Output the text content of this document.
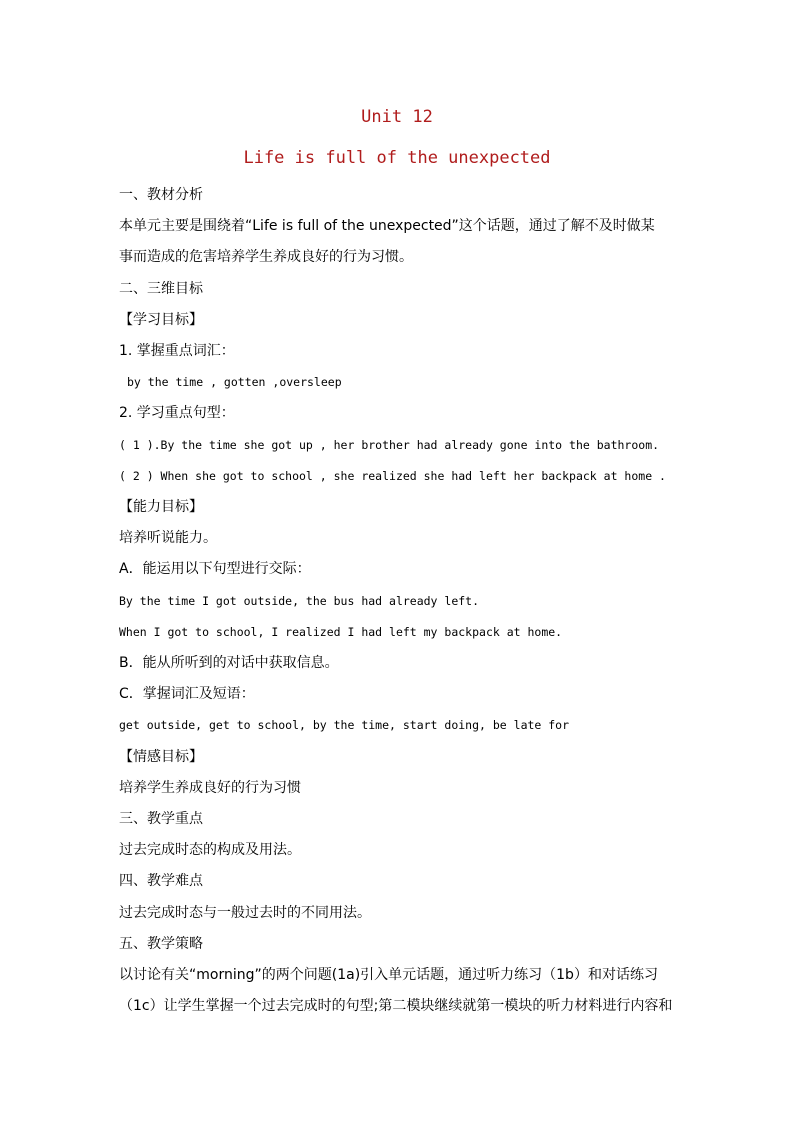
Unit 12
Life is full of the unexpected
一、教材分析
本单元主要是围绕着“Life is full of the unexpected”这个话题，通过了解不及时做某
事而造成的危害培养学生养成良好的行为习惯。
二、三维目标
【学习目标】
1. 掌握重点词汇：
by the time , gotten ,oversleep
2. 学习重点句型：
( 1 ).By the time she got up , her brother had already gone into the bathroom.
( 2 ) When she got to school , she realized she had left her backpack at home .
【能力目标】
培养听说能力。
A．能运用以下句型进行交际：
By the time I got outside, the bus had already left.
When I got to school, I realized I had left my backpack at home.
B．能从所听到的对话中获取信息。
C．掌握词汇及短语：
get outside, get to school, by the time, start doing, be late for
【情感目标】
培养学生养成良好的行为习惯
三、教学重点
过去完成时态的构成及用法。
四、教学难点
过去完成时态与一般过去时的不同用法。
五、教学策略
以讨论有关“morning”的两个问题(1a)引入单元话题，通过听力练习（1b）和对话练习
（1c）让学生掌握一个过去完成时的句型;第二模块继续就第一模块的听力材料进行内容和
